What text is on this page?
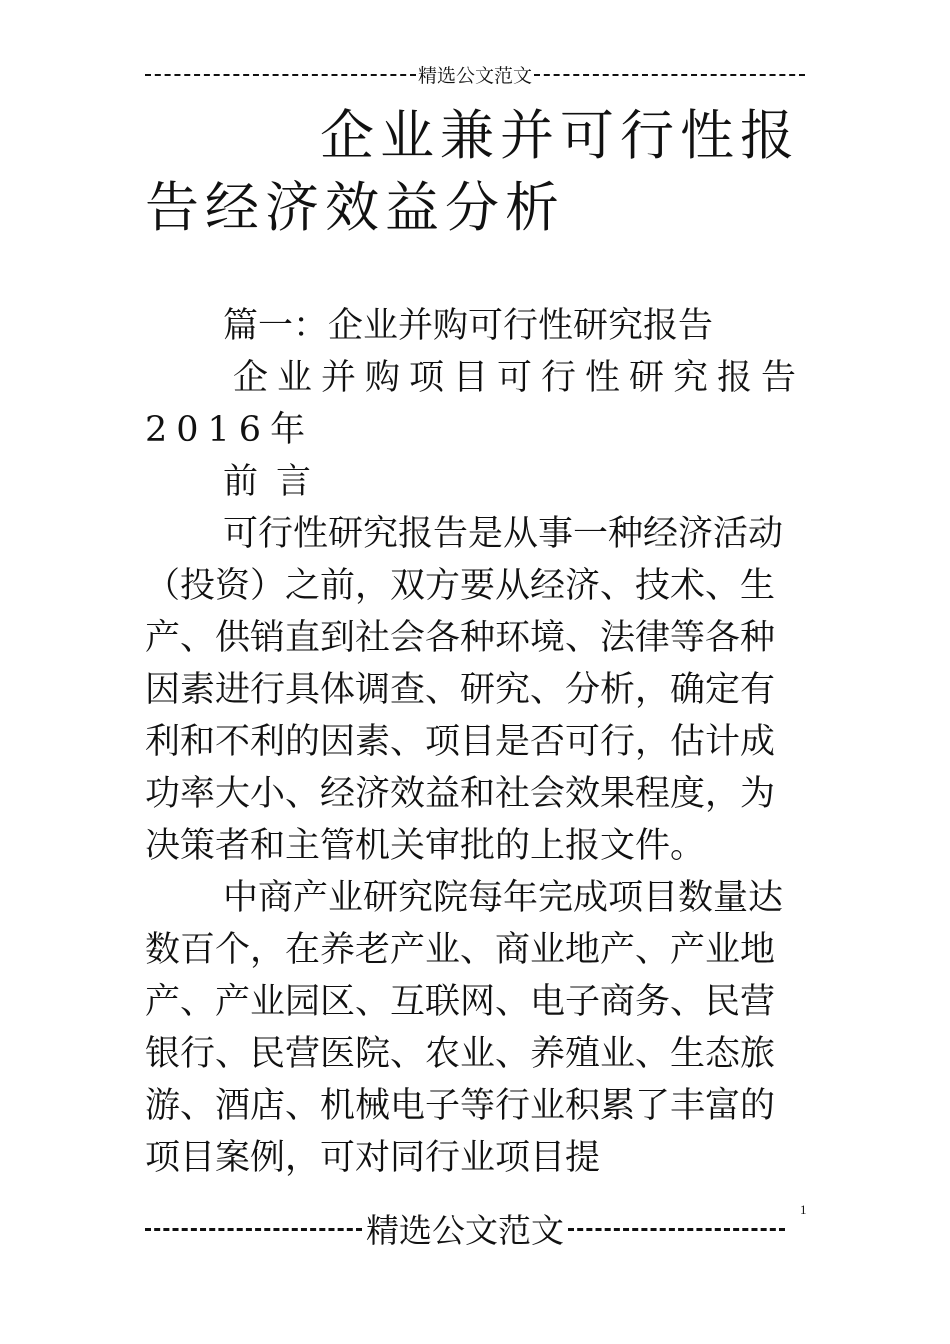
精选公文范文
企业兼并可行性报告经济效益分析

篇一：企业并购可行性研究报告

企业并购项目可行性研究报告2016年

前言

可行性研究报告是从事一种经济活动（投资）之前，双方要从经济、技术、生产、供销直到社会各种环境、法律等各种因素进行具体调查、研究、分析，确定有利和不利的因素、项目是否可行，估计成功率大小、经济效益和社会效果程度，为决策者和主管机关审批的上报文件。

中商产业研究院每年完成项目数量达数百个，在养老产业、商业地产、产业地产、产业园区、互联网、电子商务、民营银行、民营医院、农业、养殖业、生态旅游、酒店、机械电子等行业积累了丰富的项目案例，可对同行业项目提

精选公文范文
1
